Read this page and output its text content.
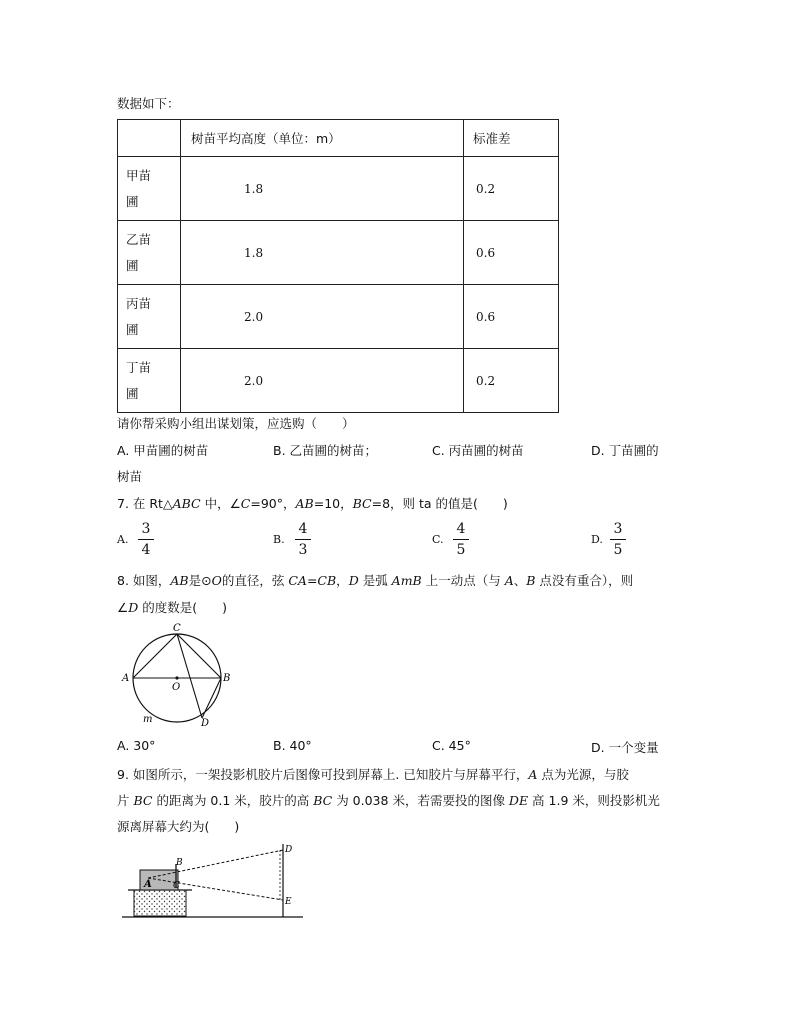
数据如下：
	树苗平均高度（单位：m）	标准差
甲苗
圃	1.8	0.2
乙苗
圃	1.8	0.6
丙苗
圃	2.0	0.6
丁苗
圃	2.0	0.2
请你帮采购小组出谋划策，应选购（　　）
A. 甲苗圃的树苗	B. 乙苗圃的树苗；	C. 丙苗圃的树苗	D. 丁苗圃的
树苗
7. 在 Rt△ABC 中，∠C=90°，AB=10，BC=8，则 ta 的值是(　　)
A.
3
4
B.
4
3
C.
4
5
D.
3
5
8. 如图，AB是⊙O的直径，弦 CA=CB，D 是弧 AmB 上一动点（与 A、B 点没有重合），则
∠D 的度数是(　　)
C
A	B
O
D
m
A. 30°	B. 40°	C. 45°	D. 一个变量
9. 如图所示，一架投影机胶片后图像可投到屏幕上. 已知胶片与屏幕平行，A 点为光源，与胶
片 BC 的距离为 0.1 米，胶片的高 BC 为 0.038 米，若需要投的图像 DE 高 1.9 米，则投影机光
源离屏幕大约为(　　)
A
B
C
D
E
